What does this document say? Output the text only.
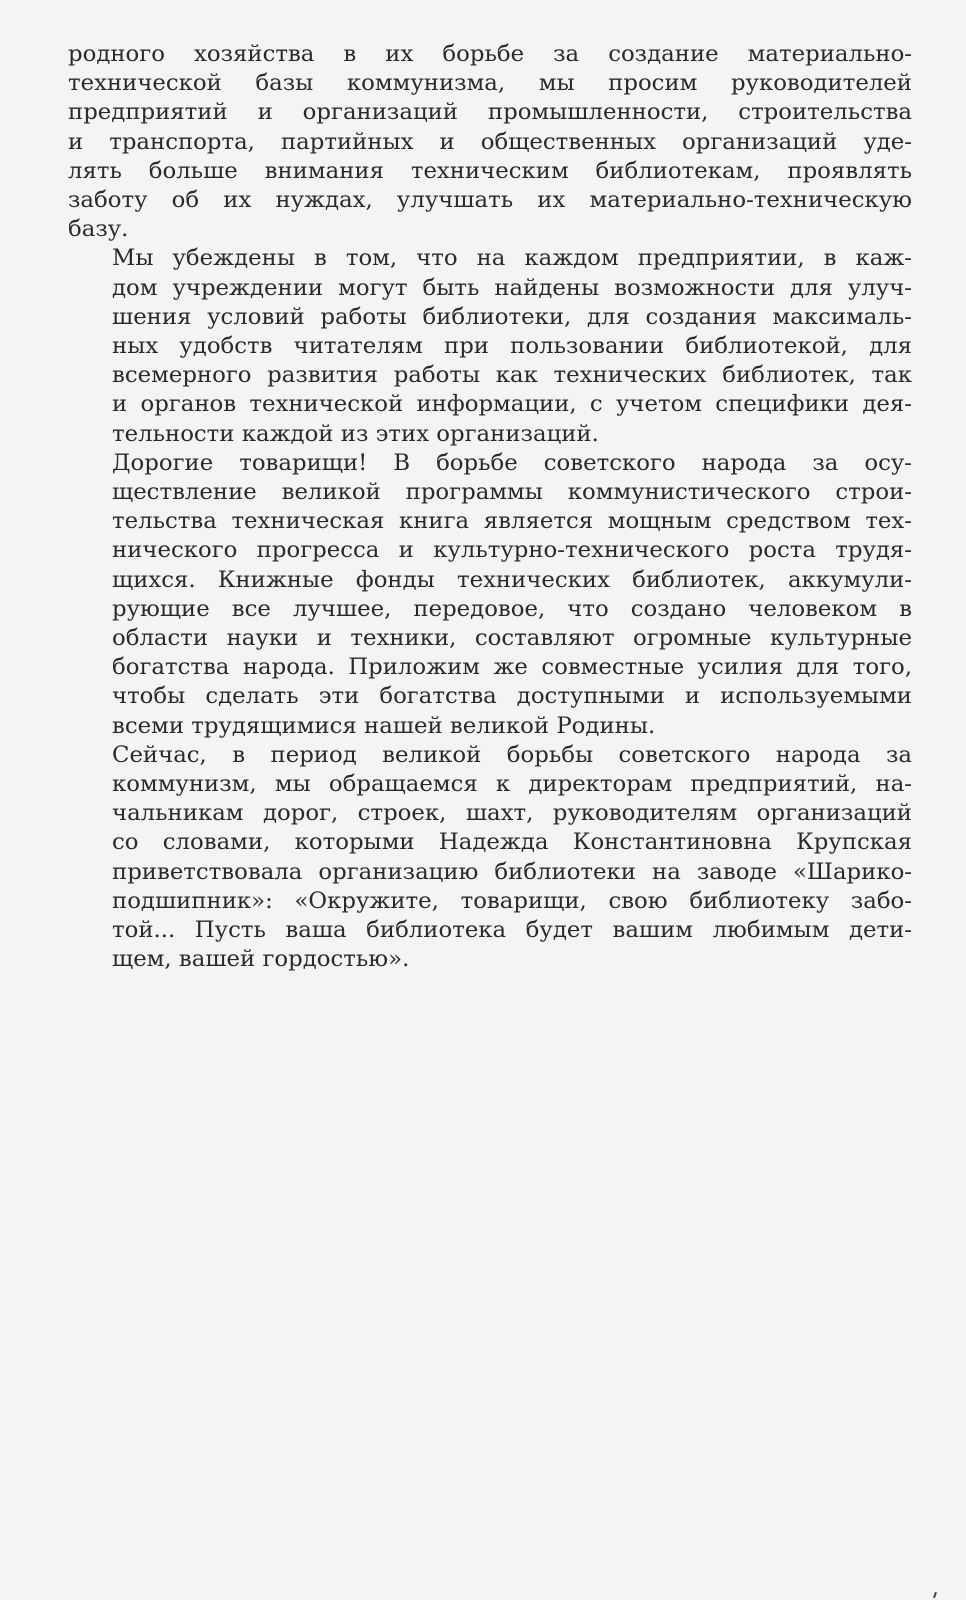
родного хозяйства в их борьбе за создание материально-
технической базы коммунизма, мы просим руководителей
предприятий и организаций промышленности, строительства
и транспорта, партийных и общественных организаций уде-
лять больше внимания техническим библиотекам, проявлять
заботу об их нуждах, улучшать их материально-техническую
базу.
Мы убеждены в том, что на каждом предприятии, в каж-
дом учреждении могут быть найдены возможности для улуч-
шения условий работы библиотеки, для создания максималь-
ных удобств читателям при пользовании библиотекой, для
всемерного развития работы как технических библиотек, так
и органов технической информации, с учетом специфики дея-
тельности каждой из этих организаций.
Дорогие товарищи! В борьбе советского народа за осу-
ществление великой программы коммунистического строи-
тельства техническая книга является мощным средством тех-
нического прогресса и культурно-технического роста трудя-
щихся. Книжные фонды технических библиотек, аккумули-
рующие все лучшее, передовое, что создано человеком в
области науки и техники, составляют огромные культурные
богатства народа. Приложим же совместные усилия для того,
чтобы сделать эти богатства доступными и используемыми
всеми трудящимися нашей великой Родины.
Сейчас, в период великой борьбы советского народа за
коммунизм, мы обращаемся к директорам предприятий, на-
чальникам дорог, строек, шахт, руководителям организаций
со словами, которыми Надежда Константиновна Крупская
приветствовала организацию библиотеки на заводе «Шарико-
подшипник»: «Окружите, товарищи, свою библиотеку забо-
той... Пусть ваша библиотека будет вашим любимым дети-
щем, вашей гордостью».
